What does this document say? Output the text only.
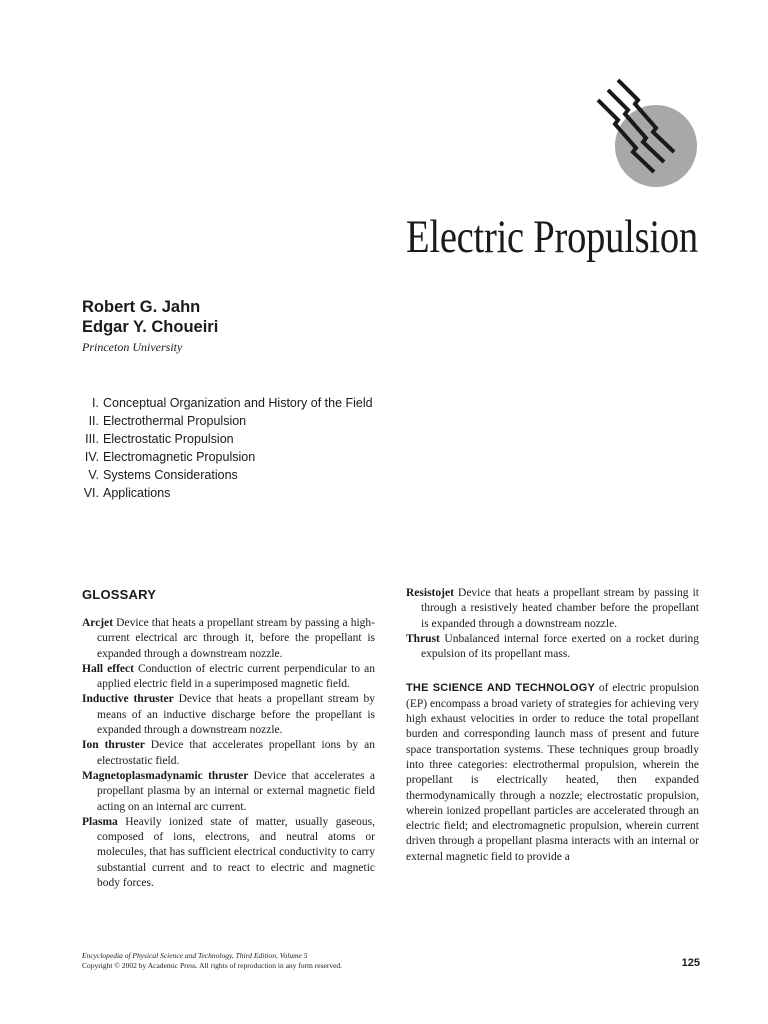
Electric Propulsion
Robert G. Jahn
Edgar Y. Choueiri
Princeton University
I. Conceptual Organization and History of the Field
II. Electrothermal Propulsion
III. Electrostatic Propulsion
IV. Electromagnetic Propulsion
V. Systems Considerations
VI. Applications
GLOSSARY

Arcjet Device that heats a propellant stream by passing a high-current electrical arc through it, before the propellant is expanded through a downstream nozzle.

Hall effect Conduction of electric current perpendicular to an applied electric field in a superimposed magnetic field.

Inductive thruster Device that heats a propellant stream by means of an inductive discharge before the propellant is expanded through a downstream nozzle.

Ion thruster Device that accelerates propellant ions by an electrostatic field.

Magnetoplasmadynamic thruster Device that accelerates a propellant plasma by an internal or external magnetic field acting on an internal arc current.

Plasma Heavily ionized state of matter, usually gaseous, composed of ions, electrons, and neutral atoms or molecules, that has sufficient electrical conductivity to carry substantial current and to react to electric and magnetic body forces.

Resistojet Device that heats a propellant stream by passing it through a resistively heated chamber before the propellant is expanded through a downstream nozzle.

Thrust Unbalanced internal force exerted on a rocket during expulsion of its propellant mass.

THE SCIENCE AND TECHNOLOGY of electric propulsion (EP) encompass a broad variety of strategies for achieving very high exhaust velocities in order to reduce the total propellant burden and corresponding launch mass of present and future space transportation systems. These techniques group broadly into three categories: electrothermal propulsion, wherein the propellant is electrically heated, then expanded thermodynamically through a nozzle; electrostatic propulsion, wherein ionized propellant particles are accelerated through an electric field; and electromagnetic propulsion, wherein current driven through a propellant plasma interacts with an internal or external magnetic field to provide a

Encyclopedia of Physical Science and Technology, Third Edition, Volume 5
Copyright © 2002 by Academic Press. All rights of reproduction in any form reserved.	125
